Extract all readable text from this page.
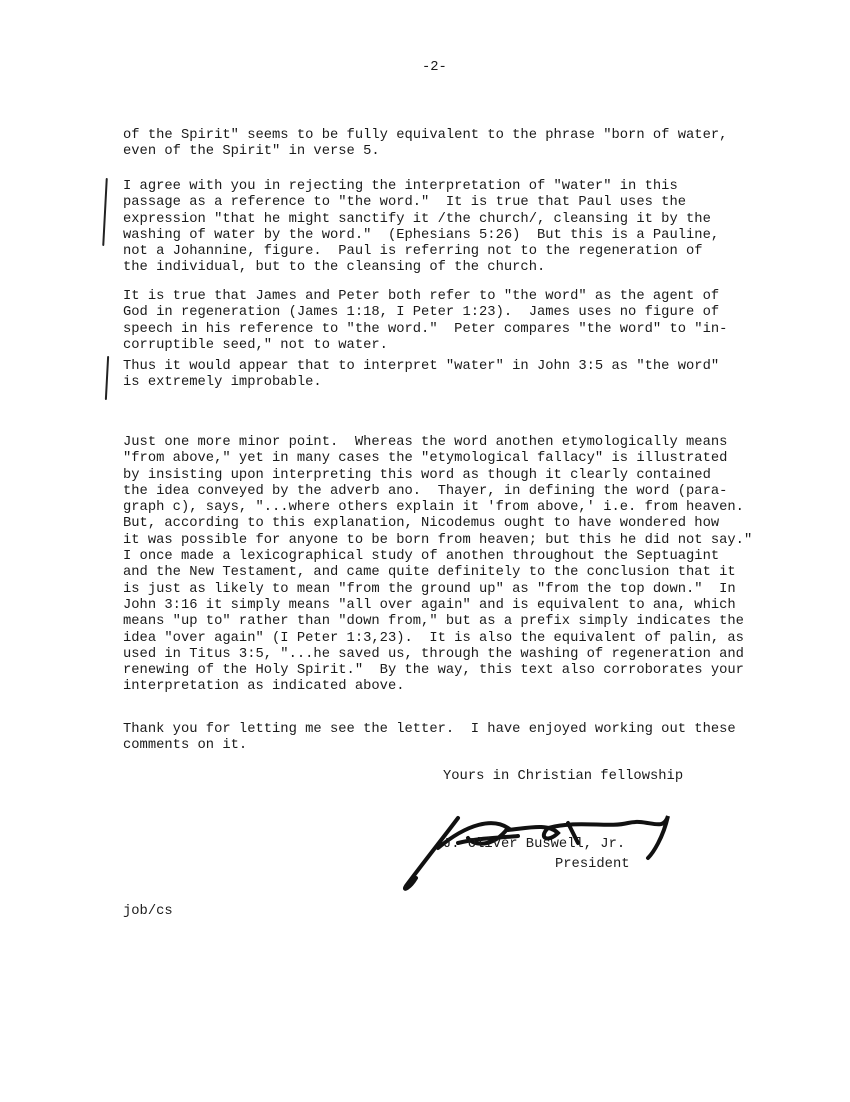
-2-
of the Spirit" seems to be fully equivalent to the phrase "born of water,
even of the Spirit" in verse 5.
I agree with you in rejecting the interpretation of "water" in this
passage as a reference to "the word."  It is true that Paul uses the
expression "that he might sanctify it /the church/, cleansing it by the
washing of water by the word."  (Ephesians 5:26)  But this is a Pauline,
not a Johannine, figure.  Paul is referring not to the regeneration of
the individual, but to the cleansing of the church.
It is true that James and Peter both refer to "the word" as the agent of
God in regeneration (James 1:18, I Peter 1:23).  James uses no figure of
speech in his reference to "the word."  Peter compares "the word" to "in-
corruptible seed," not to water.
Thus it would appear that to interpret "water" in John 3:5 as "the word"
is extremely improbable.
Just one more minor point.  Whereas the word anothen etymologically means
"from above," yet in many cases the "etymological fallacy" is illustrated
by insisting upon interpreting this word as though it clearly contained
the idea conveyed by the adverb ano.  Thayer, in defining the word (para-
graph c), says, "...where others explain it 'from above,' i.e. from heaven.
But, according to this explanation, Nicodemus ought to have wondered how
it was possible for anyone to be born from heaven; but this he did not say."
I once made a lexicographical study of anothen throughout the Septuagint
and the New Testament, and came quite definitely to the conclusion that it
is just as likely to mean "from the ground up" as "from the top down."  In
John 3:16 it simply means "all over again" and is equivalent to ana, which
means "up to" rather than "down from," but as a prefix simply indicates the
idea "over again" (I Peter 1:3,23).  It is also the equivalent of palin, as
used in Titus 3:5, "...he saved us, through the washing of regeneration and
renewing of the Holy Spirit."  By the way, this text also corroborates your
interpretation as indicated above.
Thank you for letting me see the letter.  I have enjoyed working out these
comments on it.
Yours in Christian fellowship
J. Oliver Buswell, Jr.
President
job/cs
